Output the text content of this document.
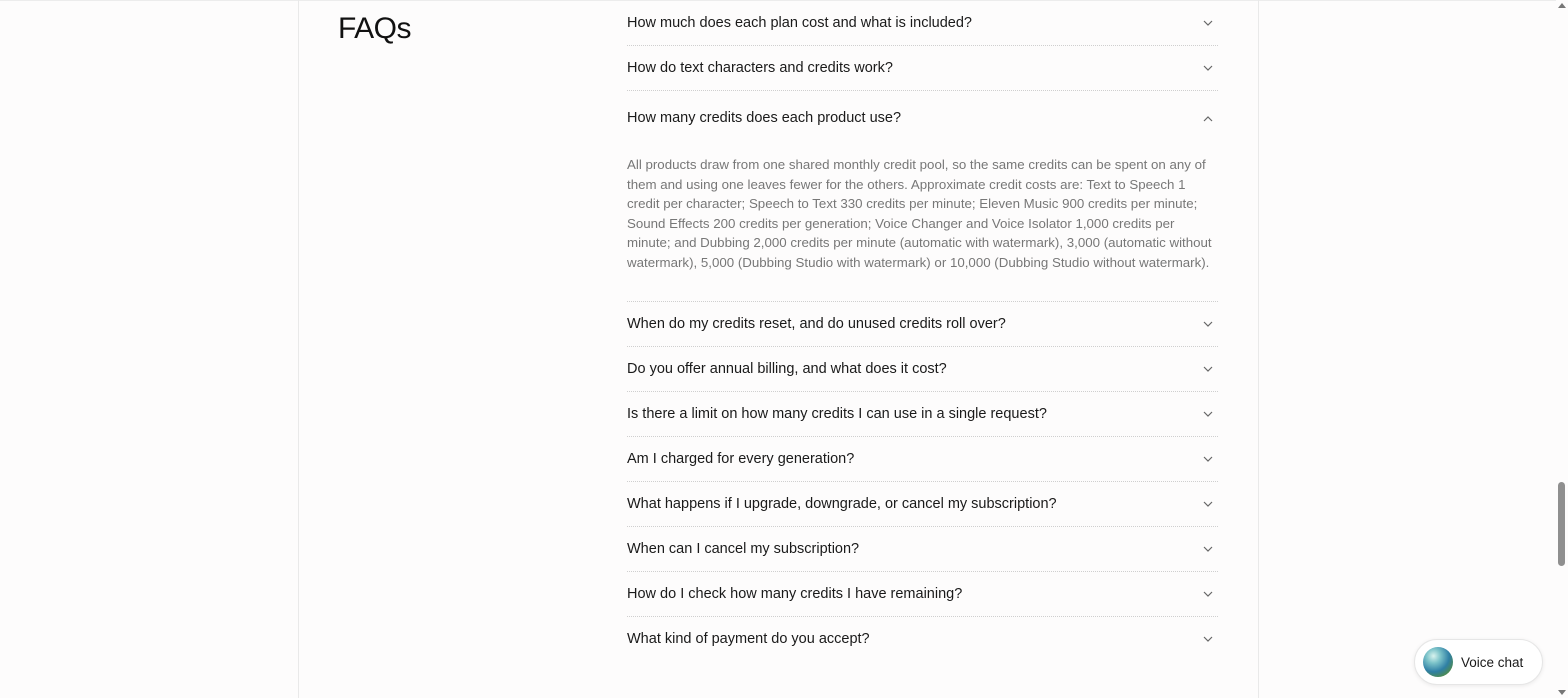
FAQs	How much does each plan cost and what is included?
How do text characters and credits work?
How many credits does each product use?

All products draw from one shared monthly credit pool, so the same credits can be spent on any of them and using one leaves fewer for the others. Approximate credit costs are: Text to Speech 1 credit per character; Speech to Text 330 credits per minute; Eleven Music 900 credits per minute; Sound Effects 200 credits per generation; Voice Changer and Voice Isolator 1,000 credits per minute; and Dubbing 2,000 credits per minute (automatic with watermark), 3,000 (automatic without watermark), 5,000 (Dubbing Studio with watermark) or 10,000 (Dubbing Studio without watermark).

When do my credits reset, and do unused credits roll over?
Do you offer annual billing, and what does it cost?
Is there a limit on how many credits I can use in a single request?
Am I charged for every generation?
What happens if I upgrade, downgrade, or cancel my subscription?
When can I cancel my subscription?
How do I check how many credits I have remaining?
What kind of payment do you accept?
Voice chat
